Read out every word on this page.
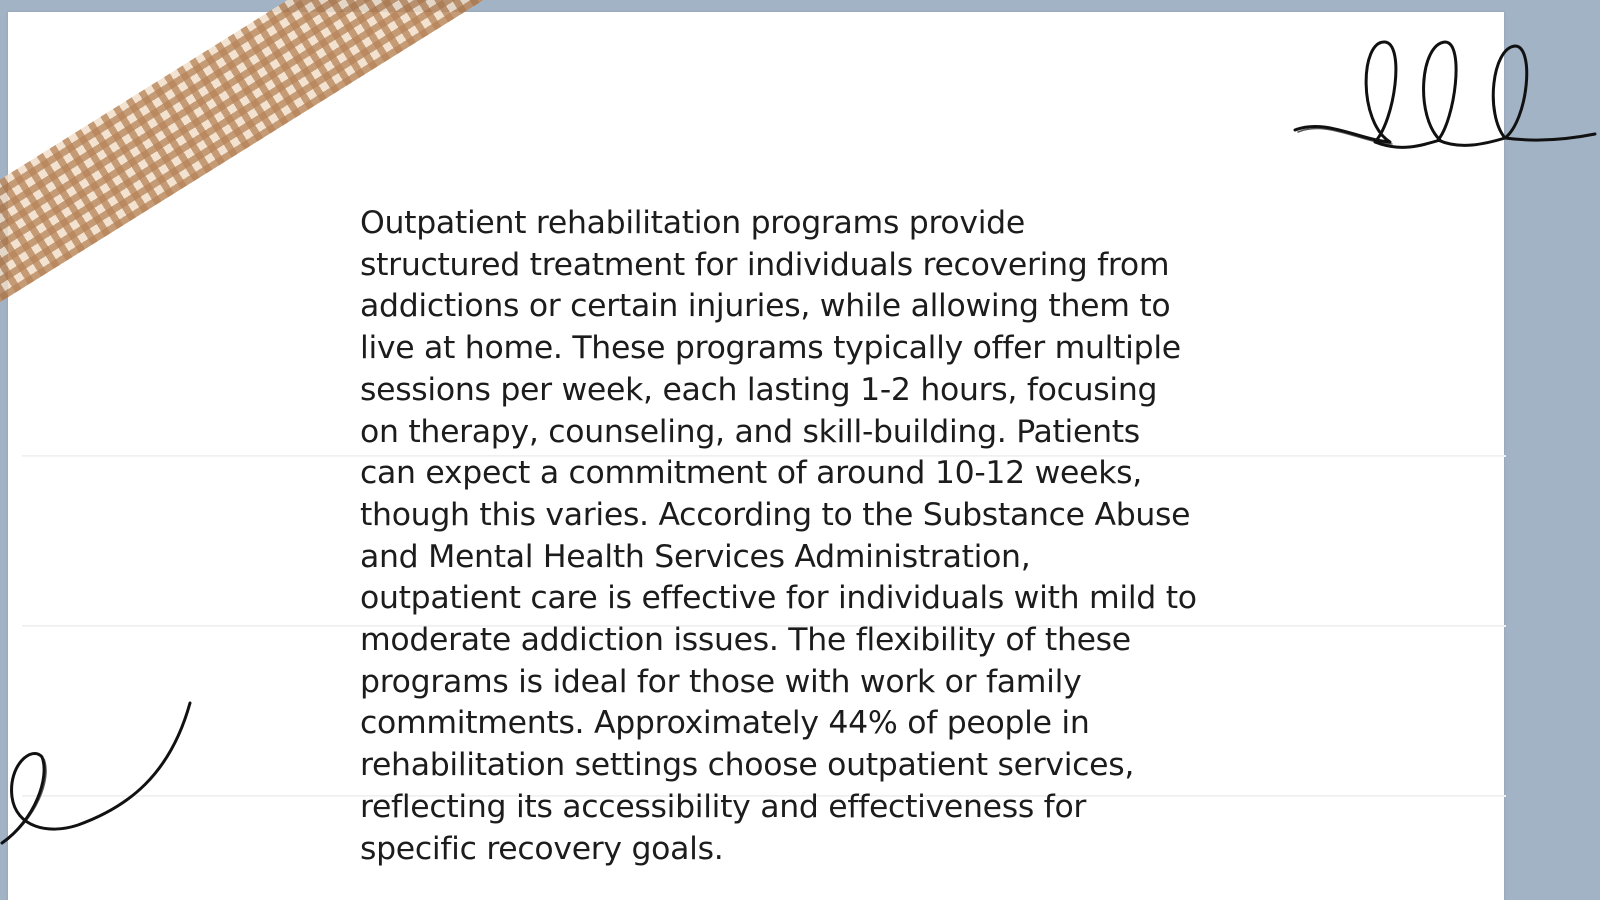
Outpatient rehabilitation programs provide
structured treatment for individuals recovering from
addictions or certain injuries, while allowing them to
live at home. These programs typically offer multiple
sessions per week, each lasting 1-2 hours, focusing
on therapy, counseling, and skill-building. Patients
can expect a commitment of around 10-12 weeks,
though this varies. According to the Substance Abuse
and Mental Health Services Administration,
outpatient care is effective for individuals with mild to
moderate addiction issues. The flexibility of these
programs is ideal for those with work or family
commitments. Approximately 44% of people in
rehabilitation settings choose outpatient services,
reflecting its accessibility and effectiveness for
specific recovery goals.
